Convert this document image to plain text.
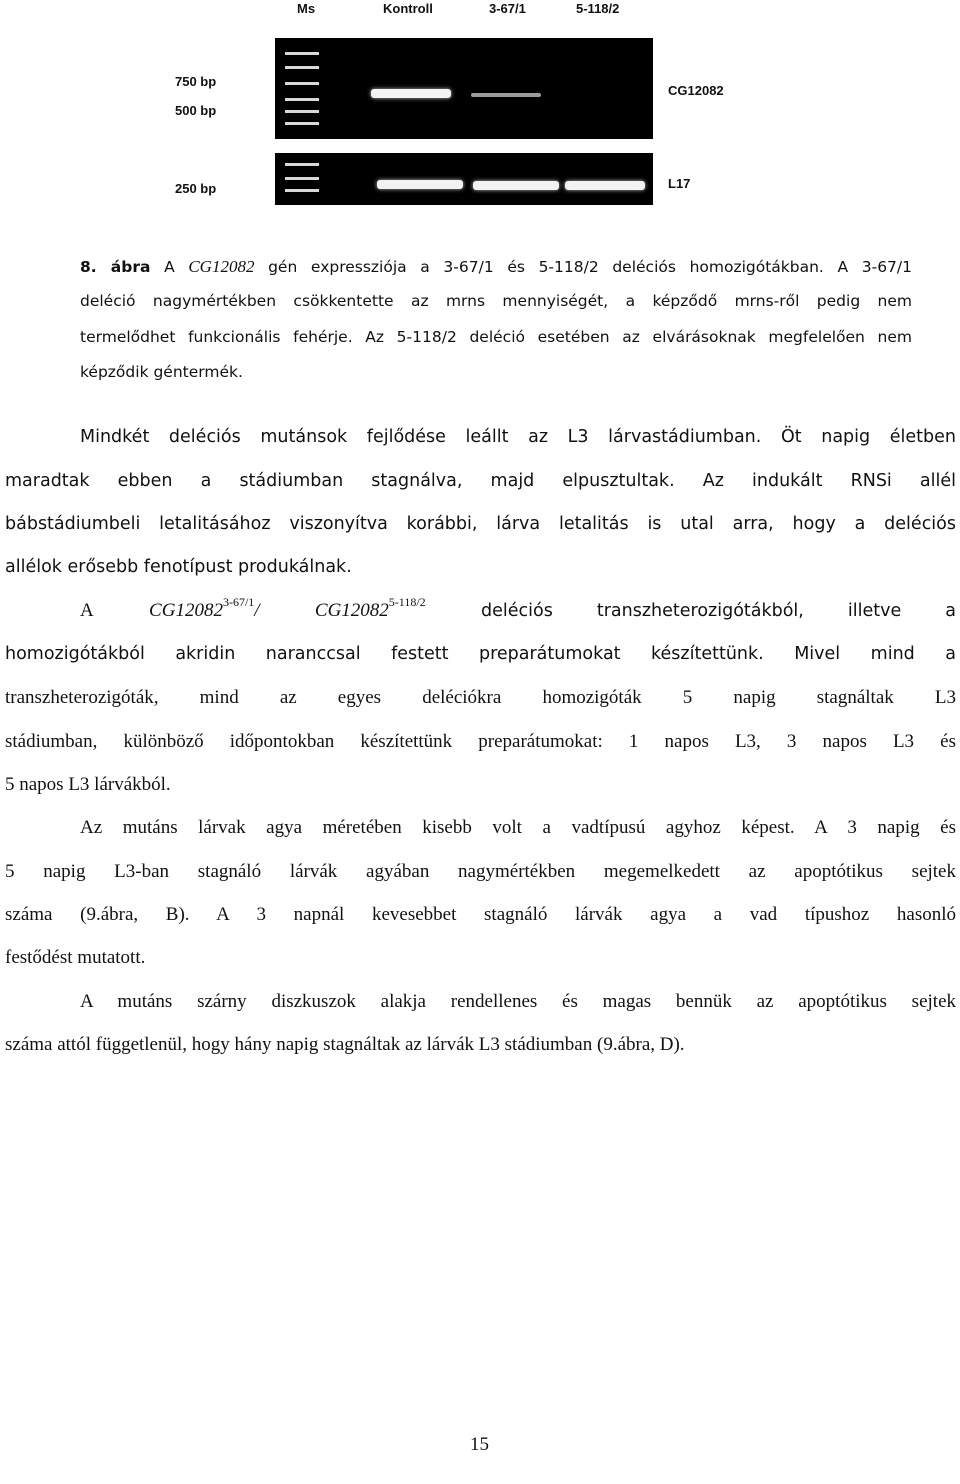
Ms	Kontroll	3-67/1	5-118/2
750 bp
500 bp
250 bp
CG12082
L17
8. ábra A CG12082 gén expressziója a 3-67/1 és 5-118/2 deléciós homozigótákban. A 3-67/1
deléció nagymértékben csökkentette az mrns mennyiségét, a képződő mrns-ről pedig nem
termelődhet funkcionális fehérje. Az 5-118/2 deléció esetében az elvárásoknak megfelelően nem
képződik géntermék.
Mindkét deléciós mutánsok fejlődése leállt az L3 lárvastádiumban. Öt napig életben
maradtak ebben a stádiumban stagnálva, majd elpusztultak. Az indukált RNSi allél
bábstádiumbeli letalitásához viszonyítva korábbi, lárva letalitás is utal arra, hogy a deléciós
allélok erősebb fenotípust produkálnak.
A	$CG12082^{3-67/1}/$	$CG12082^{5-118/2}$	deléciós transzheterozigótákból, illetve a
homozigótákból akridin naranccsal festett preparátumokat készítettünk. Mivel mind a
transzheterozigóták, mind az egyes deléciókra homozigóták 5 napig stagnáltak L3
stádiumban, különböző időpontokban készítettünk preparátumokat: 1 napos L3, 3 napos L3 és
5 napos L3 lárvákból.
Az mutáns lárvak agya méretében kisebb volt a vadtípusú agyhoz képest. A 3 napig és
5 napig L3-ban stagnáló lárvák agyában nagymértékben megemelkedett az apoptótikus sejtek
száma (9.ábra, B). A 3 napnál kevesebbet stagnáló lárvák agya a vad típushoz hasonló
festődést mutatott.
A mutáns szárny diszkuszok alakja rendellenes és magas bennük az apoptótikus sejtek
száma attól függetlenül, hogy hány napig stagnáltak az lárvák L3 stádiumban (9.ábra, D).
15
